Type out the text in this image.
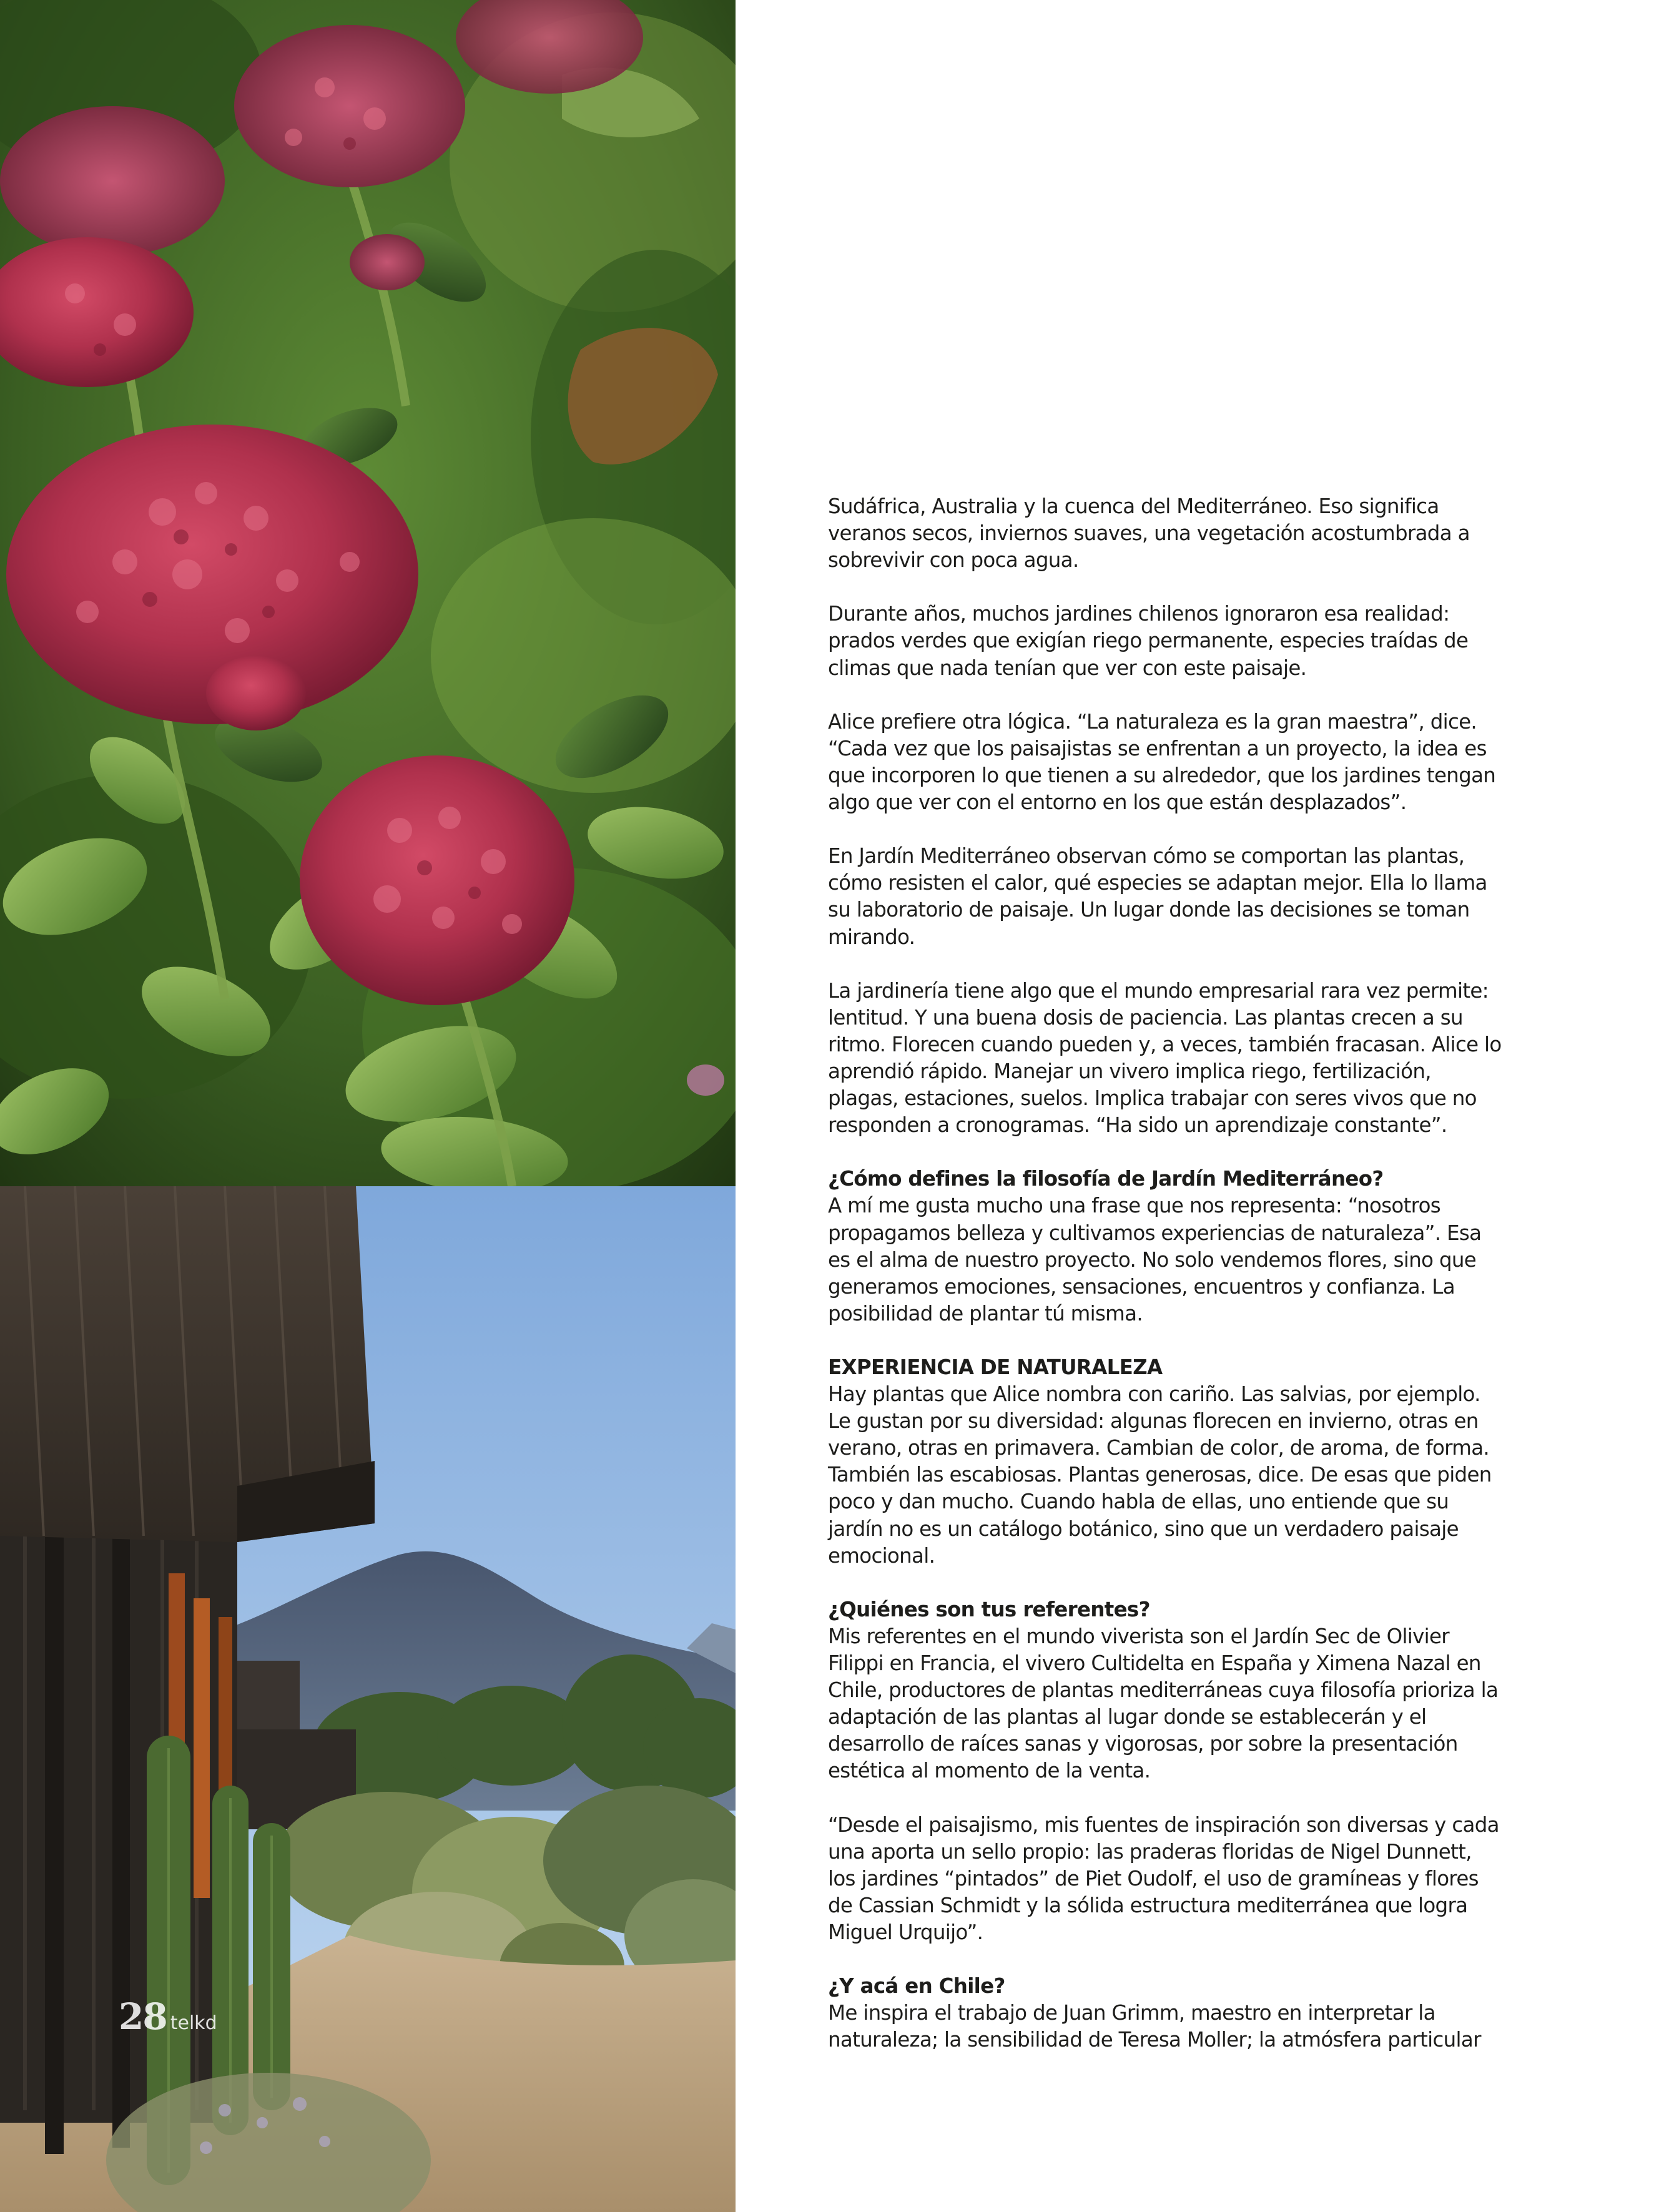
28 telkd

Sudáfrica, Australia y la cuenca del Mediterráneo. Eso significa veranos secos, inviernos suaves, una vegetación acostumbrada a sobrevivir con poca agua.

Durante años, muchos jardines chilenos ignoraron esa realidad: prados verdes que exigían riego permanente, especies traídas de climas que nada tenían que ver con este paisaje.

Alice prefiere otra lógica. “La naturaleza es la gran maestra”, dice. “Cada vez que los paisajistas se enfrentan a un proyecto, la idea es que incorporen lo que tienen a su alrededor, que los jardines tengan algo que ver con el entorno en los que están desplazados”.

En Jardín Mediterráneo observan cómo se comportan las plantas, cómo resisten el calor, qué especies se adaptan mejor. Ella lo llama su laboratorio de paisaje. Un lugar donde las decisiones se toman mirando.

La jardinería tiene algo que el mundo empresarial rara vez permite: lentitud. Y una buena dosis de paciencia. Las plantas crecen a su ritmo. Florecen cuando pueden y, a veces, también fracasan. Alice lo aprendió rápido. Manejar un vivero implica riego, fertilización, plagas, estaciones, suelos. Implica trabajar con seres vivos que no responden a cronogramas. “Ha sido un aprendizaje constante”.

¿Cómo defines la filosofía de Jardín Mediterráneo?

A mí me gusta mucho una frase que nos representa: “nosotros propagamos belleza y cultivamos experiencias de naturaleza”. Esa es el alma de nuestro proyecto. No solo vendemos flores, sino que generamos emociones, sensaciones, encuentros y confianza. La posibilidad de plantar tú misma.

EXPERIENCIA DE NATURALEZA

Hay plantas que Alice nombra con cariño. Las salvias, por ejemplo. Le gustan por su diversidad: algunas florecen en invierno, otras en verano, otras en primavera. Cambian de color, de aroma, de forma. También las escabiosas. Plantas generosas, dice. De esas que piden poco y dan mucho. Cuando habla de ellas, uno entiende que su jardín no es un catálogo botánico, sino que un verdadero paisaje emocional.

¿Quiénes son tus referentes?

Mis referentes en el mundo viverista son el Jardín Sec de Olivier Filippi en Francia, el vivero Cultidelta en España y Ximena Nazal en Chile, productores de plantas mediterráneas cuya filosofía prioriza la adaptación de las plantas al lugar donde se establecerán y el desarrollo de raíces sanas y vigorosas, por sobre la presentación estética al momento de la venta.

“Desde el paisajismo, mis fuentes de inspiración son diversas y cada una aporta un sello propio: las praderas floridas de Nigel Dunnett, los jardines “pintados” de Piet Oudolf, el uso de gramíneas y flores de Cassian Schmidt y la sólida estructura mediterránea que logra Miguel Urquijo”.

¿Y acá en Chile?

Me inspira el trabajo de Juan Grimm, maestro en interpretar la naturaleza; la sensibilidad de Teresa Moller; la atmósfera particular
